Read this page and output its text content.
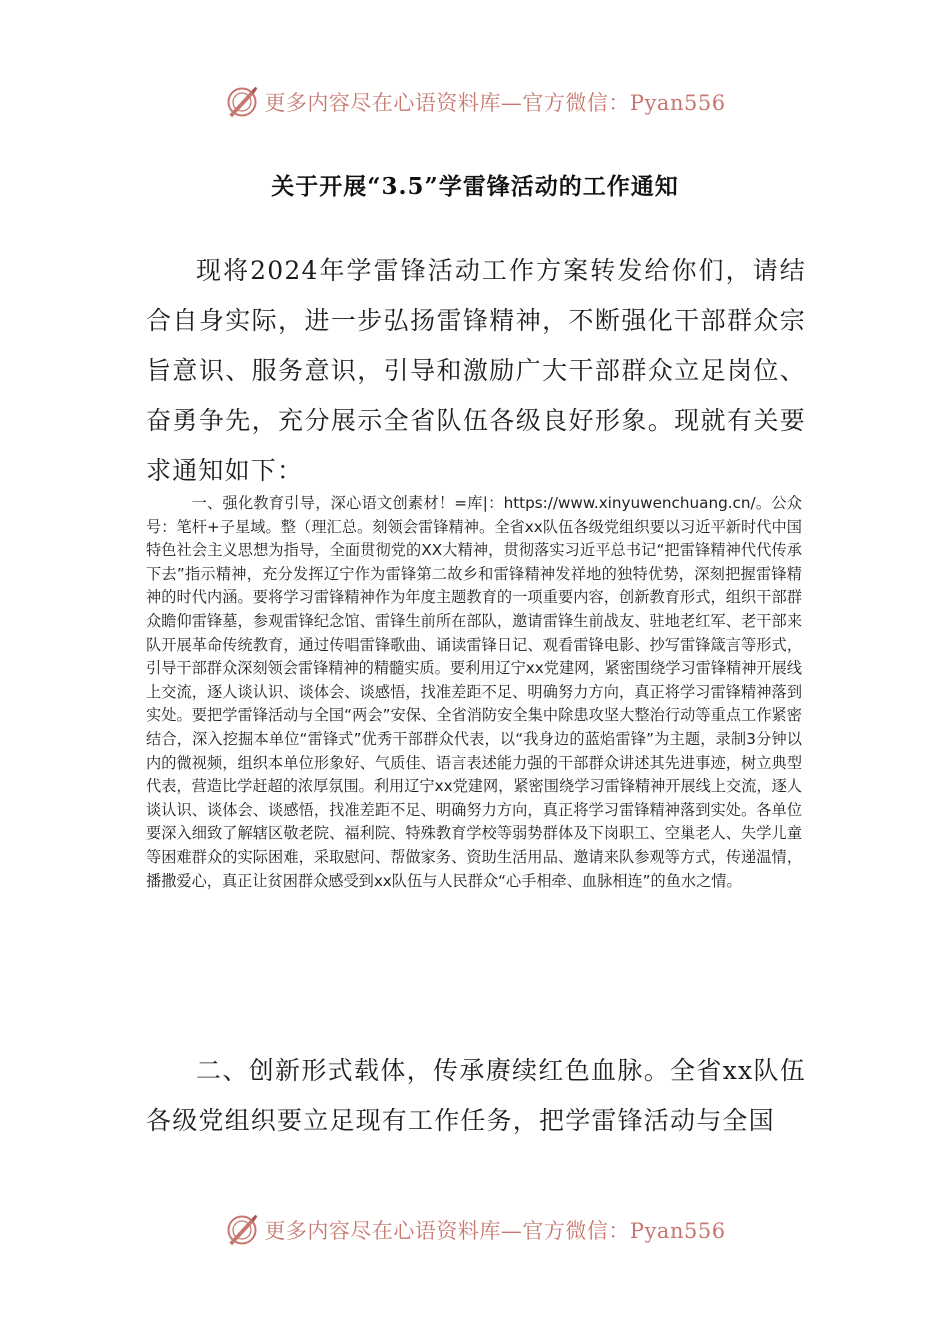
更多内容尽在心语资料库—官方微信：Pyan556
关于开展“3.5”学雷锋活动的工作通知
现将2024年学雷锋活动工作方案转发给你们，请结合自身实际，进一步弘扬雷锋精神，不断强化干部群众宗旨意识、服务意识，引导和激励广大干部群众立足岗位、奋勇争先，充分展示全省队伍各级良好形象。现就有关要求通知如下：
一、强化教育引导，深心语文创素材！=库|：https://www.xinyuwenchuang.cn/。公众号：笔杆+子星域。整（理汇总。刻领会雷锋精神。全省xx队伍各级党组织要以习近平新时代中国特色社会主义思想为指导，全面贯彻党的XX大精神，贯彻落实习近平总书记“把雷锋精神代代传承下去”指示精神，充分发挥辽宁作为雷锋第二故乡和雷锋精神发祥地的独特优势，深刻把握雷锋精神的时代内涵。要将学习雷锋精神作为年度主题教育的一项重要内容，创新教育形式，组织干部群众瞻仰雷锋墓，参观雷锋纪念馆、雷锋生前所在部队，邀请雷锋生前战友、驻地老红军、老干部来队开展革命传统教育，通过传唱雷锋歌曲、诵读雷锋日记、观看雷锋电影、抄写雷锋箴言等形式，引导干部群众深刻领会雷锋精神的精髓实质。要利用辽宁xx党建网，紧密围绕学习雷锋精神开展线上交流，逐人谈认识、谈体会、谈感悟，找准差距不足、明确努力方向，真正将学习雷锋精神落到实处。要把学雷锋活动与全国“两会”安保、全省消防安全集中除患攻坚大整治行动等重点工作紧密结合，深入挖掘本单位“雷锋式”优秀干部群众代表，以“我身边的蓝焰雷锋”为主题，录制3分钟以内的微视频，组织本单位形象好、气质佳、语言表述能力强的干部群众讲述其先进事迹，树立典型代表，营造比学赶超的浓厚氛围。利用辽宁xx党建网，紧密围绕学习雷锋精神开展线上交流，逐人谈认识、谈体会、谈感悟，找准差距不足、明确努力方向，真正将学习雷锋精神落到实处。各单位要深入细致了解辖区敬老院、福利院、特殊教育学校等弱势群体及下岗职工、空巢老人、失学儿童等困难群众的实际困难，采取慰问、帮做家务、资助生活用品、邀请来队参观等方式，传递温情，播撒爱心，真正让贫困群众感受到xx队伍与人民群众“心手相牵、血脉相连”的鱼水之情。
二、创新形式载体，传承赓续红色血脉。全省xx队伍各级党组织要立足现有工作任务，把学雷锋活动与全国
更多内容尽在心语资料库—官方微信：Pyan556
